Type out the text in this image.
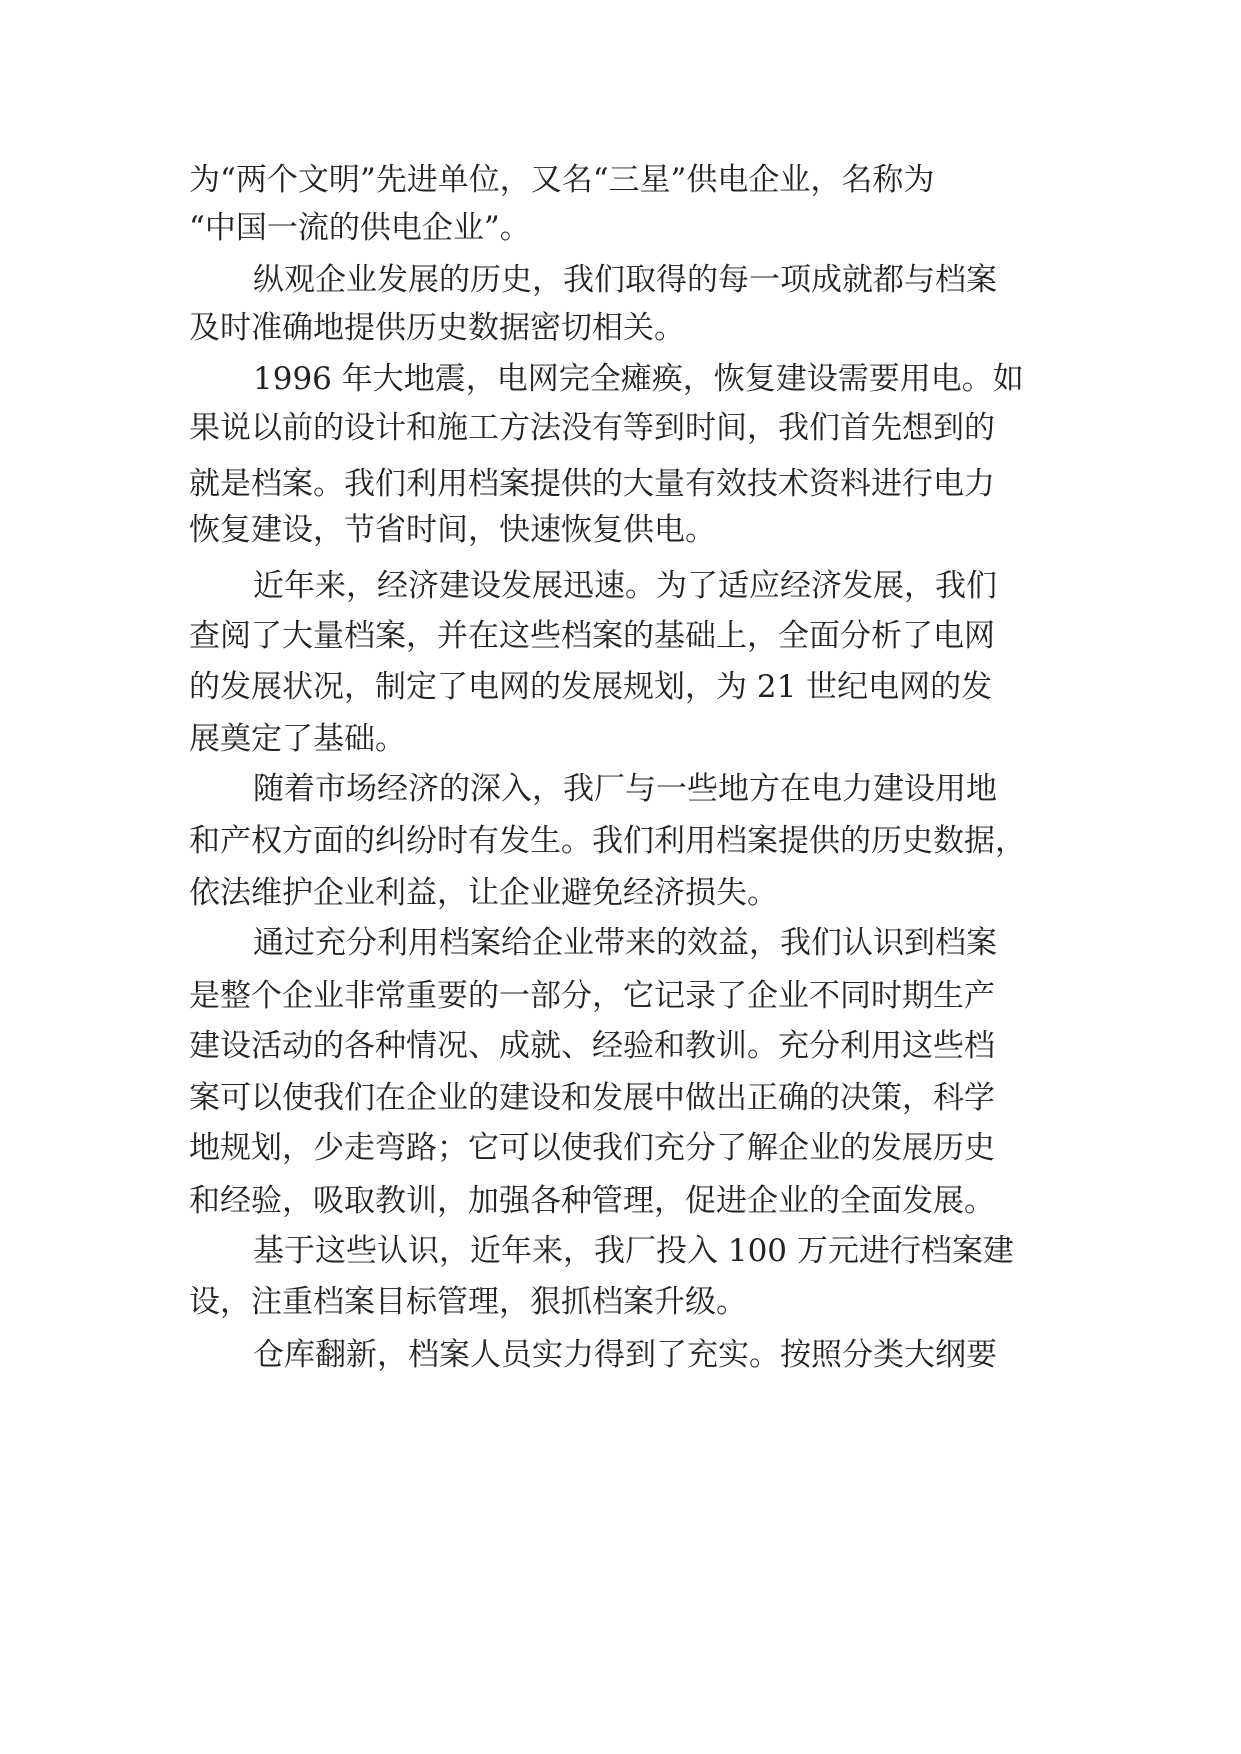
为“两个文明”先进单位，又名“三星”供电企业，名称为
“中国一流的供电企业”。
纵观企业发展的历史，我们取得的每一项成就都与档案
及时准确地提供历史数据密切相关。
1996 年大地震，电网完全瘫痪，恢复建设需要用电。如
果说以前的设计和施工方法没有等到时间，我们首先想到的
就是档案。我们利用档案提供的大量有效技术资料进行电力
恢复建设，节省时间，快速恢复供电。
近年来，经济建设发展迅速。为了适应经济发展，我们
查阅了大量档案，并在这些档案的基础上，全面分析了电网
的发展状况，制定了电网的发展规划，为 21 世纪电网的发
展奠定了基础。
随着市场经济的深入，我厂与一些地方在电力建设用地
和产权方面的纠纷时有发生。我们利用档案提供的历史数据，
依法维护企业利益，让企业避免经济损失。
通过充分利用档案给企业带来的效益，我们认识到档案
是整个企业非常重要的一部分，它记录了企业不同时期生产
建设活动的各种情况、成就、经验和教训。充分利用这些档
案可以使我们在企业的建设和发展中做出正确的决策，科学
地规划，少走弯路；它可以使我们充分了解企业的发展历史
和经验，吸取教训，加强各种管理，促进企业的全面发展。
基于这些认识，近年来，我厂投入 100 万元进行档案建
设，注重档案目标管理，狠抓档案升级。
仓库翻新，档案人员实力得到了充实。按照分类大纲要
